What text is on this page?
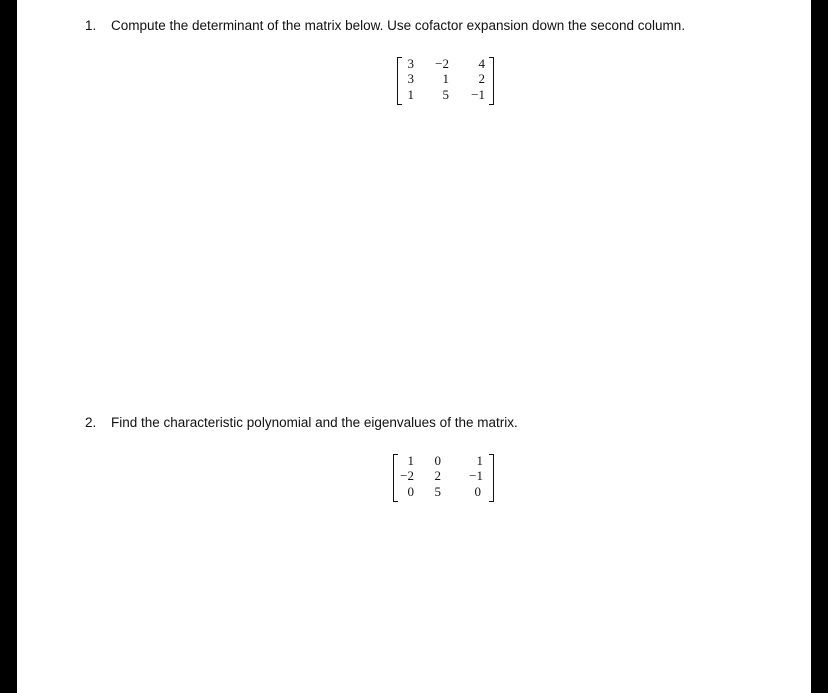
1. Compute the determinant of the matrix below. Use cofactor expansion down the second column.
3	−2	4
3	1	2
1	5	−1
2. Find the characteristic polynomial and the eigenvalues of the matrix.
1	0	1
−2	2	−1
0	5	0
